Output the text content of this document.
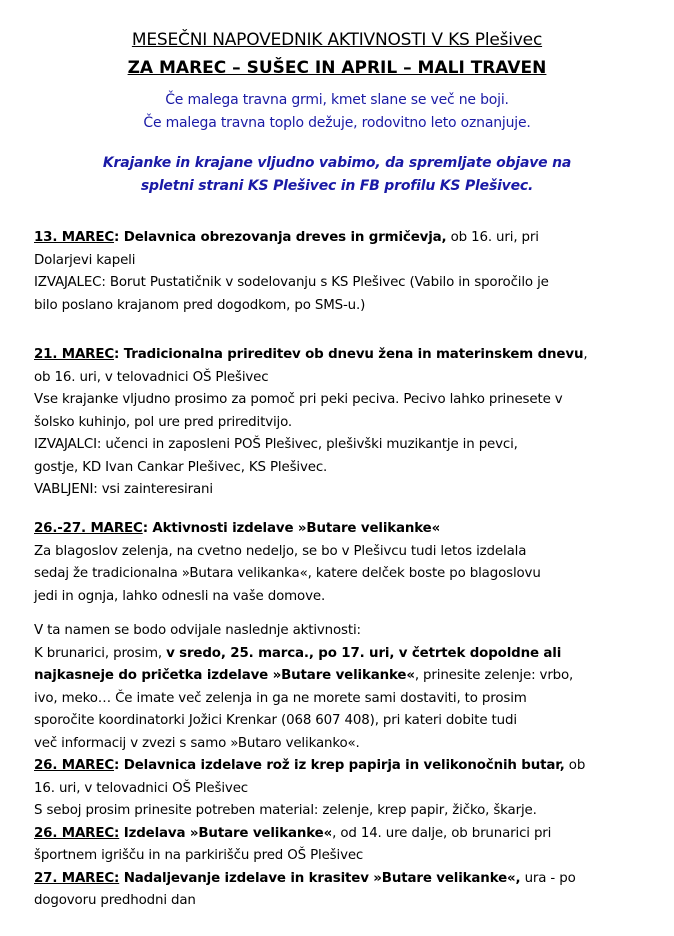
MESEČNI NAPOVEDNIK AKTIVNOSTI V KS Plešivec
ZA MAREC – SUŠEC IN APRIL – MALI TRAVEN
Če malega travna grmi, kmet slane se več ne boji.
Če malega travna toplo dežuje, rodovitno leto oznanjuje.
Krajanke in krajane vljudno vabimo, da spremljate objave na
spletni strani KS Plešivec in FB profilu KS Plešivec.

13. MAREC: Delavnica obrezovanja dreves in grmičevja, ob 16. uri, pri

Dolarjevi kapeli

IZVAJALEC: Borut Pustatičnik v sodelovanju s KS Plešivec (Vabilo in sporočilo je

bilo poslano krajanom pred dogodkom, po SMS-u.)

21. MAREC: Tradicionalna prireditev ob dnevu žena in materinskem dnevu,

ob 16. uri, v telovadnici OŠ Plešivec

Vse krajanke vljudno prosimo za pomoč pri peki peciva. Pecivo lahko prinesete v

šolsko kuhinjo, pol ure pred prireditvijo.

IZVAJALCI: učenci in zaposleni POŠ Plešivec, plešivški muzikantje in pevci,

gostje, KD Ivan Cankar Plešivec, KS Plešivec.

VABLJENI: vsi zainteresirani

26.-27. MAREC: Aktivnosti izdelave »Butare velikanke«

Za blagoslov zelenja, na cvetno nedeljo, se bo v Plešivcu tudi letos izdelala

sedaj že tradicionalna »Butara velikanka«, katere delček boste po blagoslovu

jedi in ognja, lahko odnesli na vaše domove.

V ta namen se bodo odvijale naslednje aktivnosti:

K brunarici, prosim, v sredo, 25. marca., po 17. uri, v četrtek dopoldne ali

najkasneje do pričetka izdelave »Butare velikanke«, prinesite zelenje: vrbo,

ivo, meko… Če imate več zelenja in ga ne morete sami dostaviti, to prosim

sporočite koordinatorki Jožici Krenkar (068 607 408), pri kateri dobite tudi

več informacij v zvezi s samo »Butaro velikanko«.

26. MAREC: Delavnica izdelave rož iz krep papirja in velikonočnih butar, ob

16. uri, v telovadnici OŠ Plešivec

S seboj prosim prinesite potreben material: zelenje, krep papir, žičko, škarje.

26. MAREC: Izdelava »Butare velikanke«, od 14. ure dalje, ob brunarici pri

športnem igrišču in na parkirišču pred OŠ Plešivec

27. MAREC: Nadaljevanje izdelave in krasitev »Butare velikanke«, ura - po

dogovoru predhodni dan
